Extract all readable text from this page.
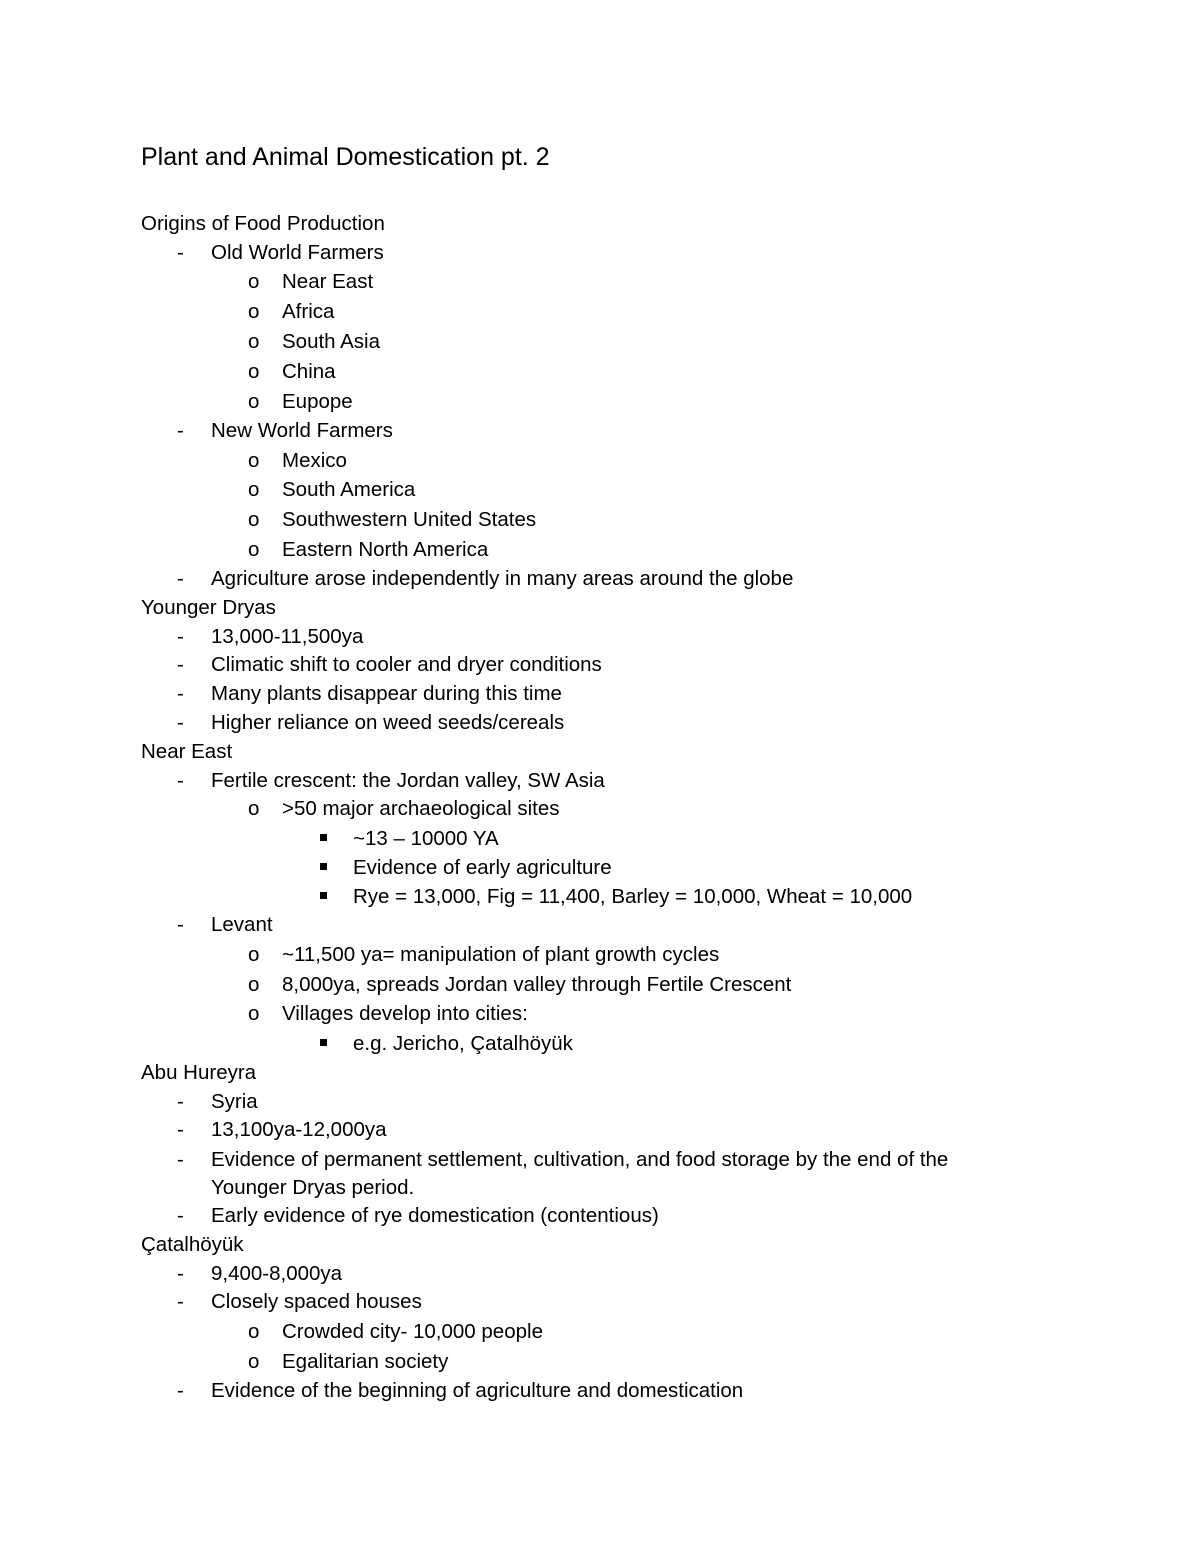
Plant and Animal Domestication pt. 2
Origins of Food Production
- Old World Farmers
o Near East
o Africa
o South Asia
o China
o Eupope
- New World Farmers
o Mexico
o South America
o Southwestern United States
o Eastern North America
- Agriculture arose independently in many areas around the globe
Younger Dryas
- 13,000-11,500ya
- Climatic shift to cooler and dryer conditions
- Many plants disappear during this time
- Higher reliance on weed seeds/cereals
Near East
- Fertile crescent: the Jordan valley, SW Asia
o >50 major archaeological sites
~13 – 10000 YA
Evidence of early agriculture
Rye = 13,000, Fig = 11,400, Barley = 10,000, Wheat = 10,000
- Levant
o ~11,500 ya= manipulation of plant growth cycles
o 8,000ya, spreads Jordan valley through Fertile Crescent
o Villages develop into cities:
e.g. Jericho, Çatalhöyük
Abu Hureyra
- Syria
- 13,100ya-12,000ya
- Evidence of permanent settlement, cultivation, and food storage by the end of the
Younger Dryas period.
- Early evidence of rye domestication (contentious)
Çatalhöyük
- 9,400-8,000ya
- Closely spaced houses
o Crowded city- 10,000 people
o Egalitarian society
- Evidence of the beginning of agriculture and domestication
